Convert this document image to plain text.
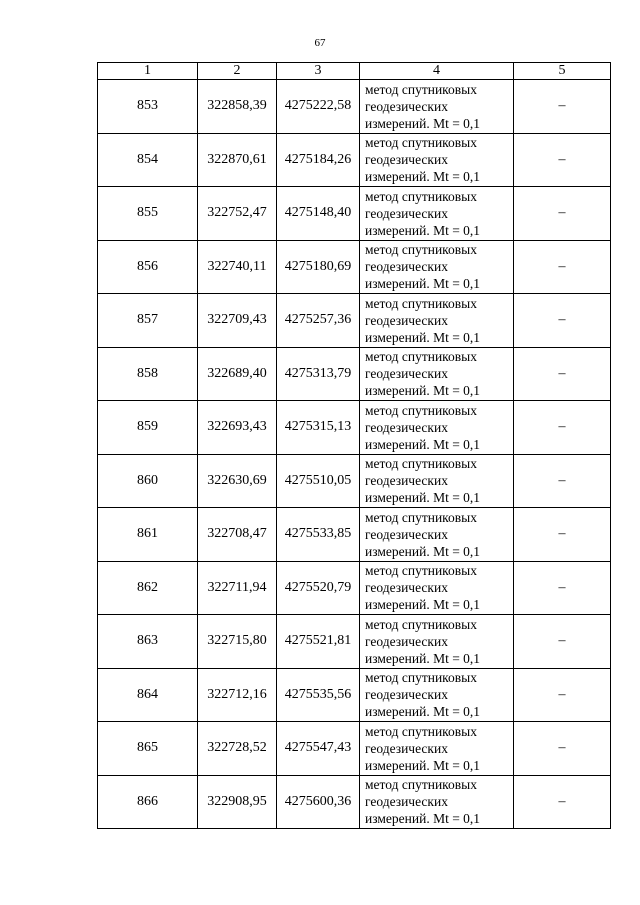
67
1	2	3	4	5
853	322858,39	4275222,58	метод спутниковых
геодезических
измерений. Mt = 0,1	–
854	322870,61	4275184,26	метод спутниковых
геодезических
измерений. Mt = 0,1	–
855	322752,47	4275148,40	метод спутниковых
геодезических
измерений. Mt = 0,1	–
856	322740,11	4275180,69	метод спутниковых
геодезических
измерений. Mt = 0,1	–
857	322709,43	4275257,36	метод спутниковых
геодезических
измерений. Mt = 0,1	–
858	322689,40	4275313,79	метод спутниковых
геодезических
измерений. Mt = 0,1	–
859	322693,43	4275315,13	метод спутниковых
геодезических
измерений. Mt = 0,1	–
860	322630,69	4275510,05	метод спутниковых
геодезических
измерений. Mt = 0,1	–
861	322708,47	4275533,85	метод спутниковых
геодезических
измерений. Mt = 0,1	–
862	322711,94	4275520,79	метод спутниковых
геодезических
измерений. Mt = 0,1	–
863	322715,80	4275521,81	метод спутниковых
геодезических
измерений. Mt = 0,1	–
864	322712,16	4275535,56	метод спутниковых
геодезических
измерений. Mt = 0,1	–
865	322728,52	4275547,43	метод спутниковых
геодезических
измерений. Mt = 0,1	–
866	322908,95	4275600,36	метод спутниковых
геодезических
измерений. Mt = 0,1	–
